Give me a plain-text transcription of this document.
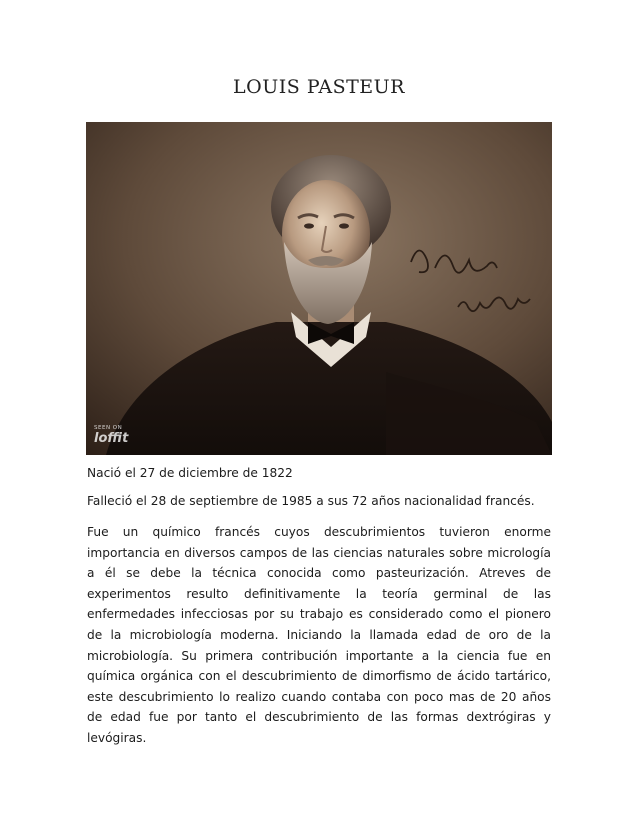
LOUIS PASTEUR
SEEN ON
loffit

Nació el 27 de diciembre de 1822

Falleció el 28 de septiembre de 1985 a sus 72 años nacionalidad francés.

Fue un químico francés cuyos descubrimientos tuvieron enorme importancia en diversos campos de las ciencias naturales sobre micrología a él se debe la técnica conocida como pasteurización. Atreves de experimentos resulto definitivamente la teoría germinal de las enfermedades infecciosas por su trabajo es considerado como el pionero de la microbiología moderna. Iniciando la llamada edad de oro de la microbiología. Su primera contribución importante a la ciencia fue en química orgánica con el descubrimiento de dimorfismo de ácido tartárico, este descubrimiento lo realizo cuando contaba con poco mas de 20 años de edad fue por tanto el descubrimiento de las formas dextrógiras y levógiras.
